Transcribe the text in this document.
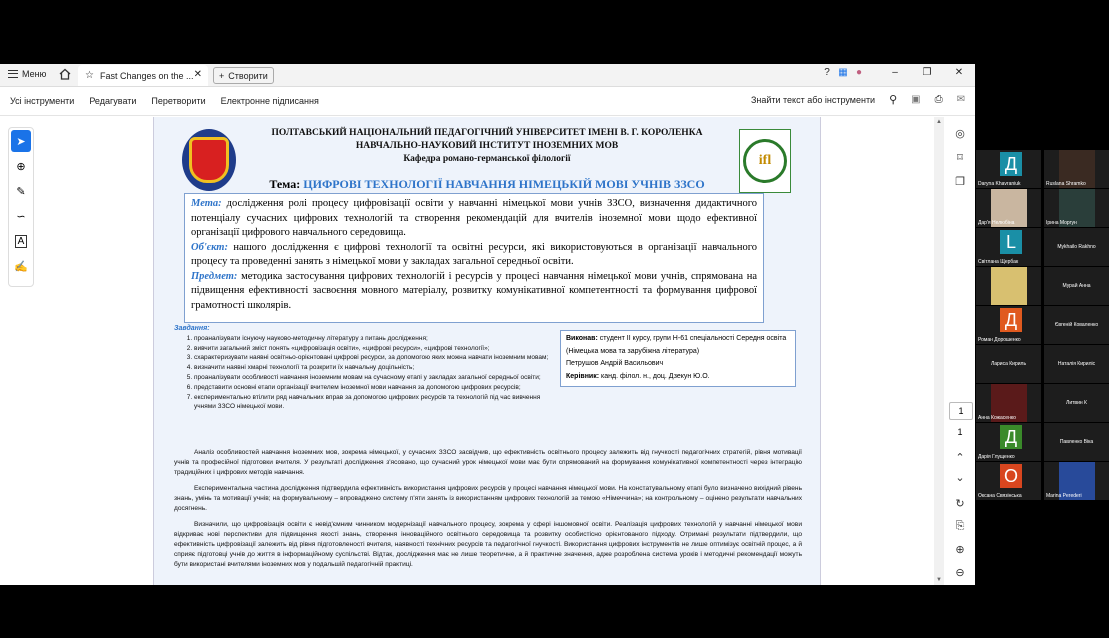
Меню	☆ Fast Changes on the ... ✕ + Створити	? ▦ ●	–	❐	✕
Усі інструменти Редагувати Перетворити Електронне підписання	Знайти текст або інструменти ⚲ ▣ ⎙ ✉
➤
⊕
✎
∽
A
✍
ifl
ПОЛТАВСЬКИЙ НАЦІОНАЛЬНИЙ ПЕДАГОГІЧНИЙ УНІВЕРСИТЕТ ІМЕНІ В. Г. КОРОЛЕНКА
НАВЧАЛЬНО-НАУКОВИЙ ІНСТИТУТ ІНОЗЕМНИХ МОВ
Кафедра романо-германської філології
Тема: ЦИФРОВІ ТЕХНОЛОГІЇ НАВЧАННЯ НІМЕЦЬКІЙ МОВІ УЧНІВ ЗЗСО
Мета: дослідження ролі процесу цифровізації освіти у навчанні німецької мови учнів ЗЗСО, визначення дидактичного потенціалу сучасних цифрових технологій та створення рекомендацій для вчителів іноземної мови щодо ефективної організації цифрового навчального середовища.
Об'єкт: нашого дослідження є цифрові технології та освітні ресурси, які використовуються в організації навчального процесу та проведенні занять з німецької мови у закладах загальної середньої освіти.
Предмет: методика застосування цифрових технологій і ресурсів у процесі навчання німецької мови учнів, спрямована на підвищення ефективності засвоєння мовного матеріалу, розвитку комунікативної компетентності та формування цифрової грамотності школярів.
Завдання:
1. проаналізувати існуючу науково-методичну літературу з питань дослідження;
2. вивчити загальний зміст понять «цифровізація освіти», «цифрові ресурси», «цифрові технології»;
3. схарактеризувати наявні освітньо-орієнтовані цифрові ресурси, за допомогою яких можна навчати іноземним мовам;
4. визначити наявні хмарні технології та розкрити їх навчальну доцільність;
5. проаналізувати особливості навчання іноземним мовам на сучасному етапі у закладах загальної середньої освіти;
6. представити основні етапи організації вчителем іноземної мови навчання за допомогою цифрових ресурсів;
7. експериментально втілити ряд навчальних вправ за допомогою цифрових ресурсів та технологій під час вивчення учнями ЗЗСО німецької мови.
Виконав: студент ІІ курсу, групи Н-61 спеціальності Середня освіта (Німецька мова та зарубіжна література)
Петрушов Андрій Васильович
Керівник: канд. філол. н., доц. Дзекун Ю.О.
Аналіз особливостей навчання іноземних мов, зокрема німецької, у сучасних ЗЗСО засвідчив, що ефективність освітнього процесу залежить від гнучкості педагогічних стратегій, рівня мотивації учнів та професійної підготовки вчителя. У результаті дослідження з'ясовано, що сучасний урок німецької мови має бути спрямований на формування комунікативної компетентності через інтеграцію традиційних і цифрових методів навчання.
Експериментальна частина дослідження підтвердила ефективність використання цифрових ресурсів у процесі навчання німецької мови. На констатувальному етапі було визначено вихідний рівень знань, умінь та мотивації учнів; на формувальному – впроваджено систему п'яти занять із використанням цифрових технологій за темою «Німеччина»; на контрольному – оцінено результати навчальних досягнень.
Визначили, що цифровізація освіти є невід'ємним чинником модернізації навчального процесу, зокрема у сфері іншомовної освіти. Реалізація цифрових технологій у навчанні німецької мови відкриває нові перспективи для підвищення якості знань, створення інноваційного освітнього середовища та розвитку особистісно орієнтованого підходу. Отримані результати підтвердили, що ефективність цифровізації залежить від рівня підготовленості вчителя, наявності технічних ресурсів та педагогічної гнучкості. Використання цифрових інструментів не лише оптимізує освітній процес, а й сприяє підготовці учнів до життя в інформаційному суспільстві. Відтак, дослідження має не лише теоретичне, а й практичне значення, адже розроблена система уроків і методичні рекомендації можуть бути використані вчителями іноземних мов у подальшій педагогічній практиці.
▲
▼
◎
⌑
❐
1
1
⌃
⌄
↻
⎘
⊕
⊖
Д
Daryna Khavraniuk	Ruslana Shramko
Дар'я Нелюбіна	Ірина Моргун
L
Світлана Щербак
Mykhailo Rakhno
Мурай Анна
Д
Роман Дорошенко
Євгеній Коваленко
Лариса Кириль	Наталія Кириліс
Анна Кожасенко
Литвин К
Д
Дарія Глущенко
Павленко Віка
О
Оксана Связінська	Marina Perederi
